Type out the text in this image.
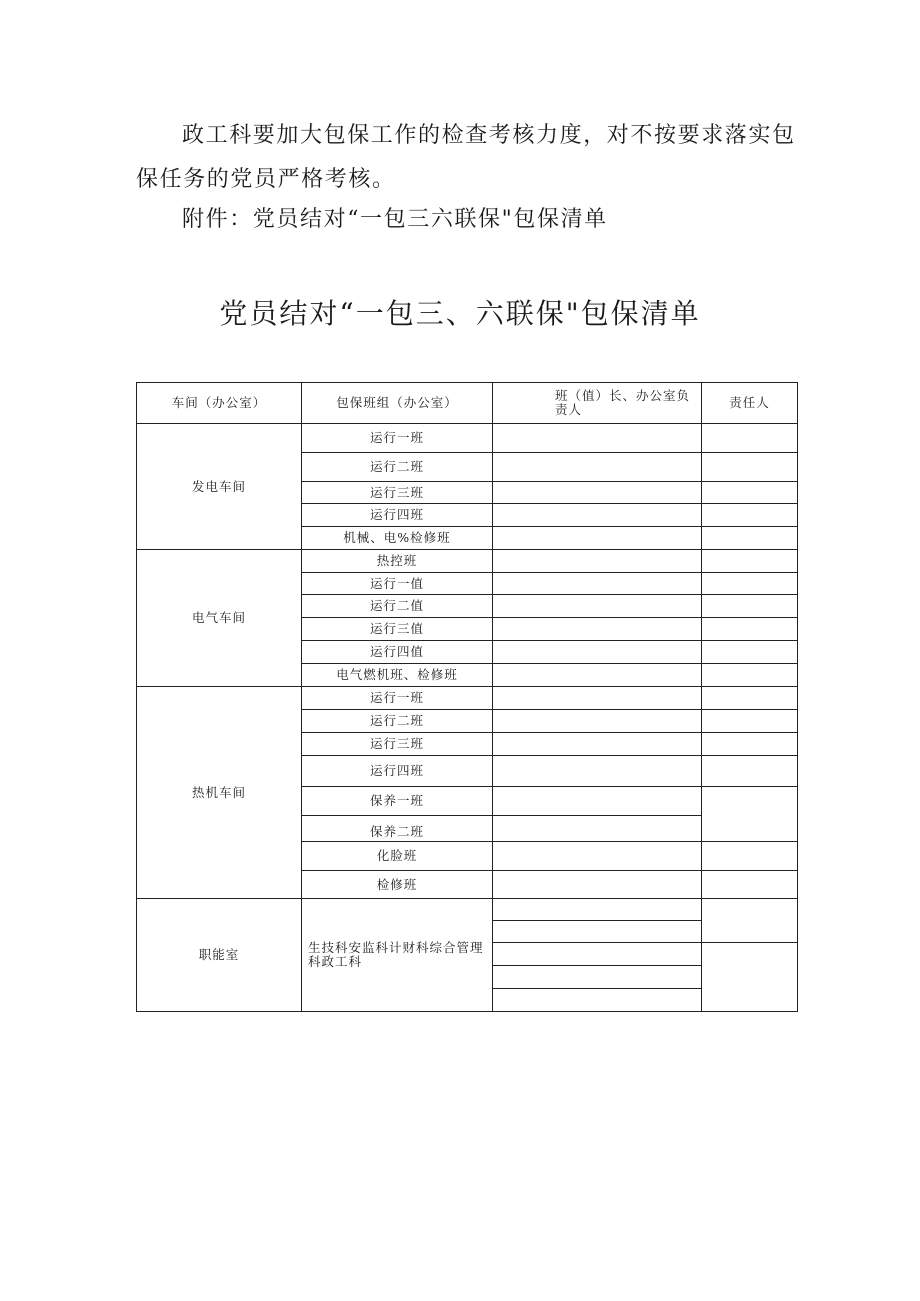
政工科要加大包保工作的检查考核力度，对不按要求落实包保任务的党员严格考核。

附件：党员结对“一包三六联保"包保清单

党员结对“一包三、六联保"包保清单
车间（办公室）	包保班组（办公室）	班（值）长、办公室负责人	责任人
发电车间	运行一班		
	运行二班		
	运行三班		
	运行四班		
	机械、电%检修班		
电气车间	热控班		
	运行一值		
	运行二值		
	运行三值		
	运行四值		
	电气燃机班、检修班		
热机车间	运行一班		
	运行二班		
	运行三班		
	运行四班		
	保养一班		
	保养二班		
	化脸班		
	检修班		
职能室	生技科安监科计财科综合管理科政工科		
